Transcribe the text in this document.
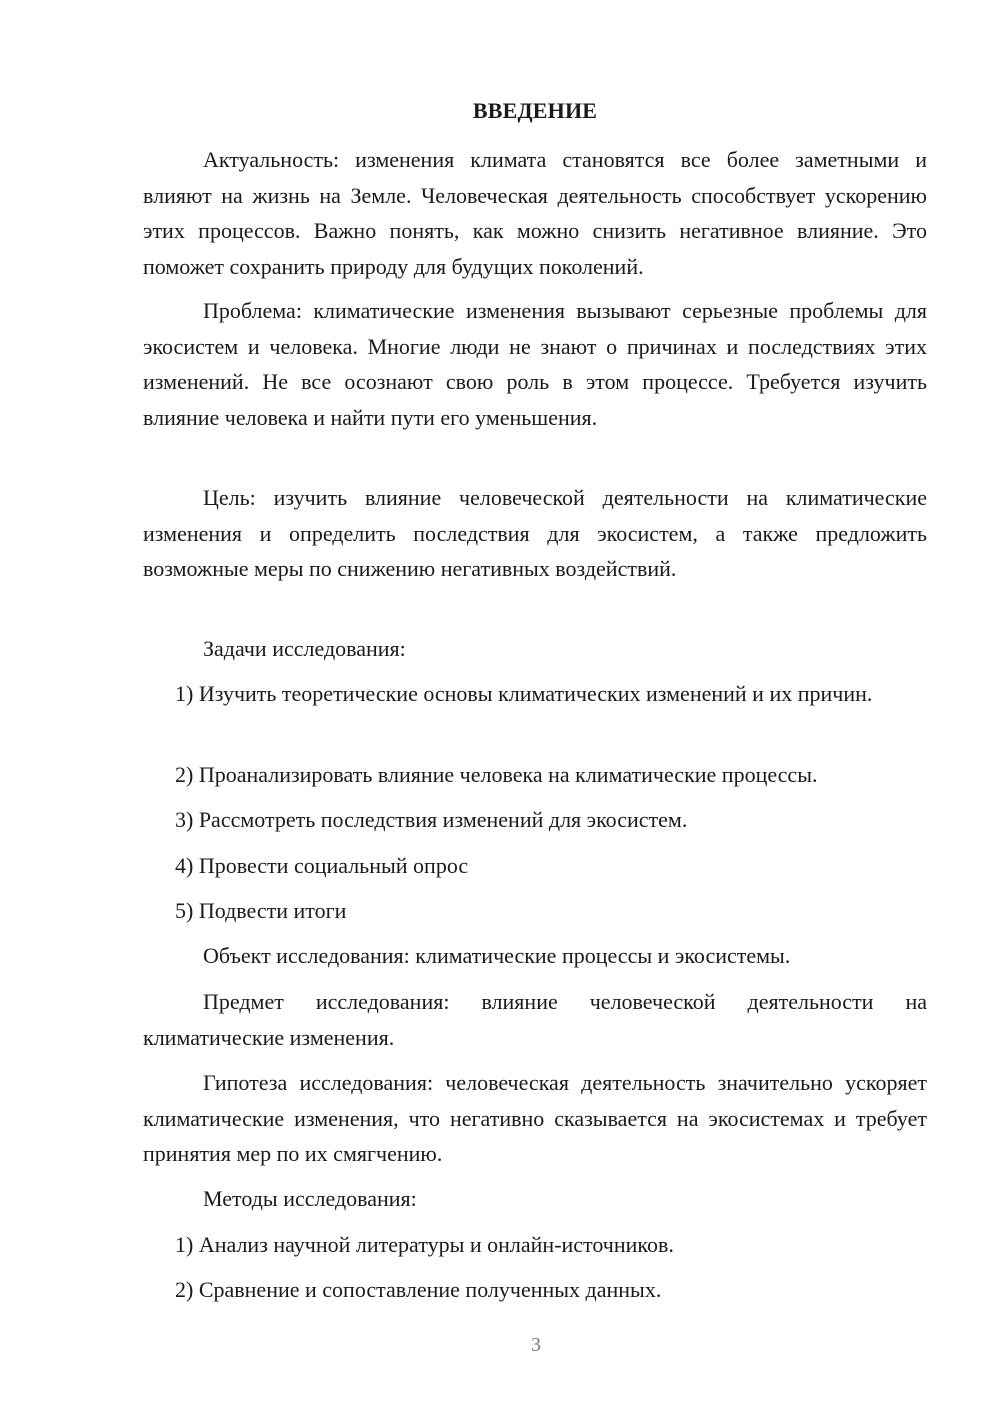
ВВЕДЕНИЕ

Актуальность: изменения климата становятся все более заметными и влияют на жизнь на Земле. Человеческая деятельность способствует ускорению этих процессов. Важно понять, как можно снизить негативное влияние. Это поможет сохранить природу для будущих поколений.

Проблема: климатические изменения вызывают серьезные проблемы для экосистем и человека. Многие люди не знают о причинах и последствиях этих изменений. Не все осознают свою роль в этом процессе. Требуется изучить влияние человека и найти пути его уменьшения.

Цель: изучить влияние человеческой деятельности на климатические изменения и определить последствия для экосистем, а также предложить возможные меры по снижению негативных воздействий.

Задачи исследования:

1) Изучить теоретические основы климатических изменений и их причин.

2) Проанализировать влияние человека на климатические процессы.

3) Рассмотреть последствия изменений для экосистем.

4) Провести социальный опрос

5) Подвести итоги

Объект исследования: климатические процессы и экосистемы.

Предмет исследования: влияние человеческой деятельности на климатические изменения.

Гипотеза исследования: человеческая деятельность значительно ускоряет климатические изменения, что негативно сказывается на экосистемах и требует принятия мер по их смягчению.

Методы исследования:

1) Анализ научной литературы и онлайн-источников.

2) Сравнение и сопоставление полученных данных.

3
